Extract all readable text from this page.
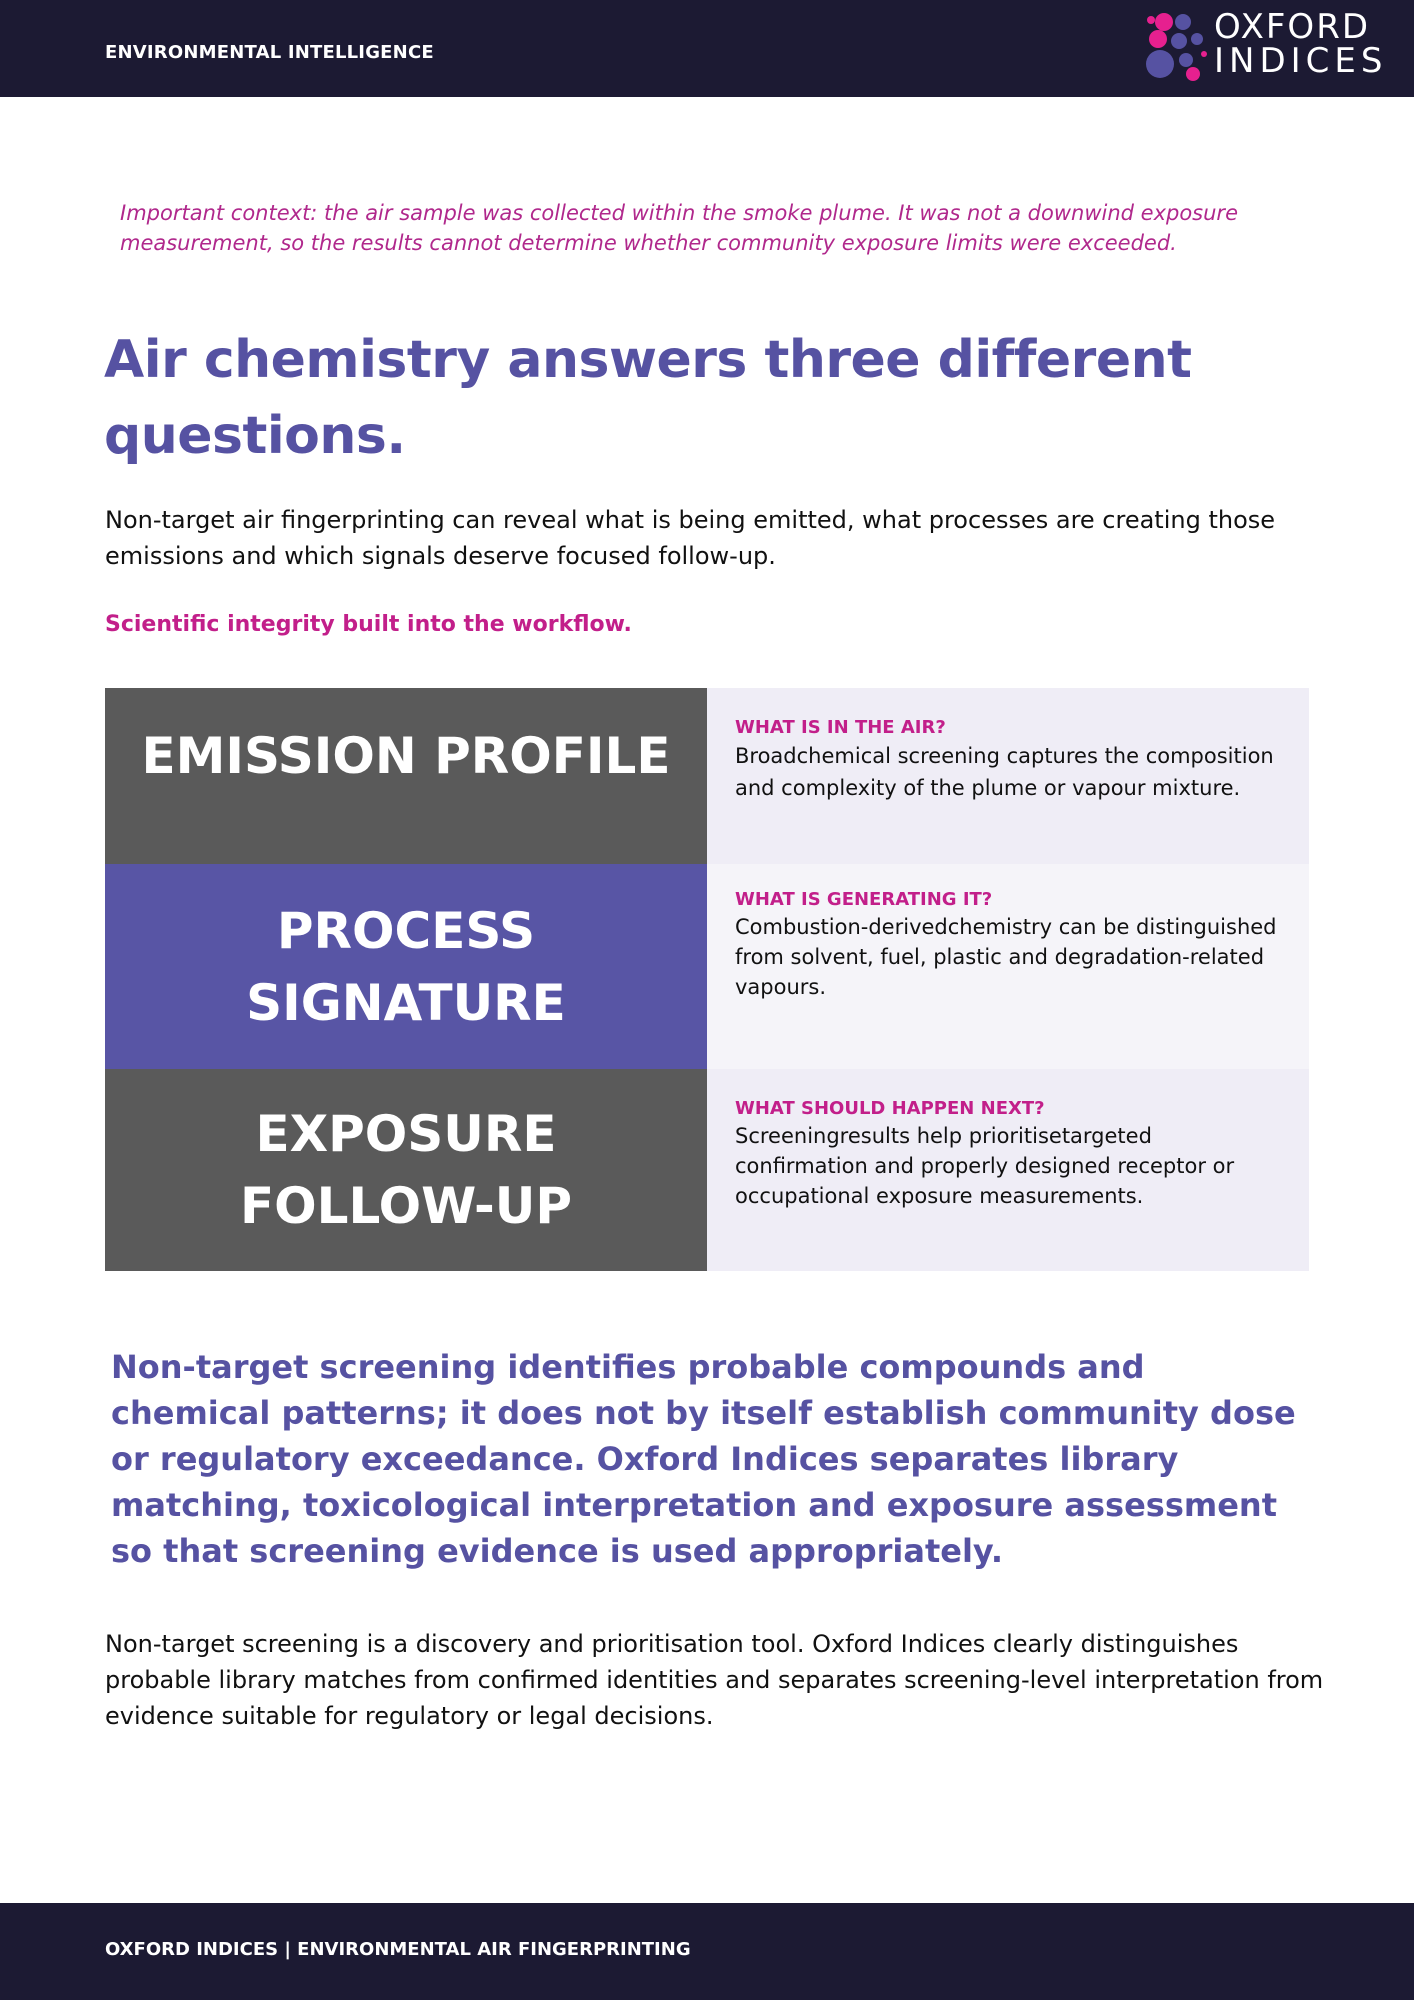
ENVIRONMENTAL INTELLIGENCE
OXFORD
INDICES
Important context: the air sample was collected within the smoke plume. It was not a downwind exposure measurement, so the results cannot determine whether community exposure limits were exceeded.
Air chemistry answers three different questions.
Non-target air fingerprinting can reveal what is being emitted, what processes are creating those emissions and which signals deserve focused follow-up.
Scientific integrity built into the workflow.
EMISSION PROFILE	WHAT IS IN THE AIR?
Broadchemical screening captures the composition and complexity of the plume or vapour mixture.
PROCESS SIGNATURE
WHAT IS GENERATING IT?
Combustion-derivedchemistry can be distinguished from solvent, fuel, plastic and degradation-related vapours.
EXPOSURE FOLLOW-UP
WHAT SHOULD HAPPEN NEXT?
Screeningresults help prioritisetargeted confirmation and properly designed receptor or occupational exposure measurements.
Non-target screening identifies probable compounds and chemical patterns; it does not by itself establish community dose or regulatory exceedance. Oxford Indices separates library matching, toxicological interpretation and exposure assessment so that screening evidence is used appropriately.
Non-target screening is a discovery and prioritisation tool. Oxford Indices clearly distinguishes probable library matches from confirmed identities and separates screening-level interpretation from evidence suitable for regulatory or legal decisions.
OXFORD INDICES | ENVIRONMENTAL AIR FINGERPRINTING
